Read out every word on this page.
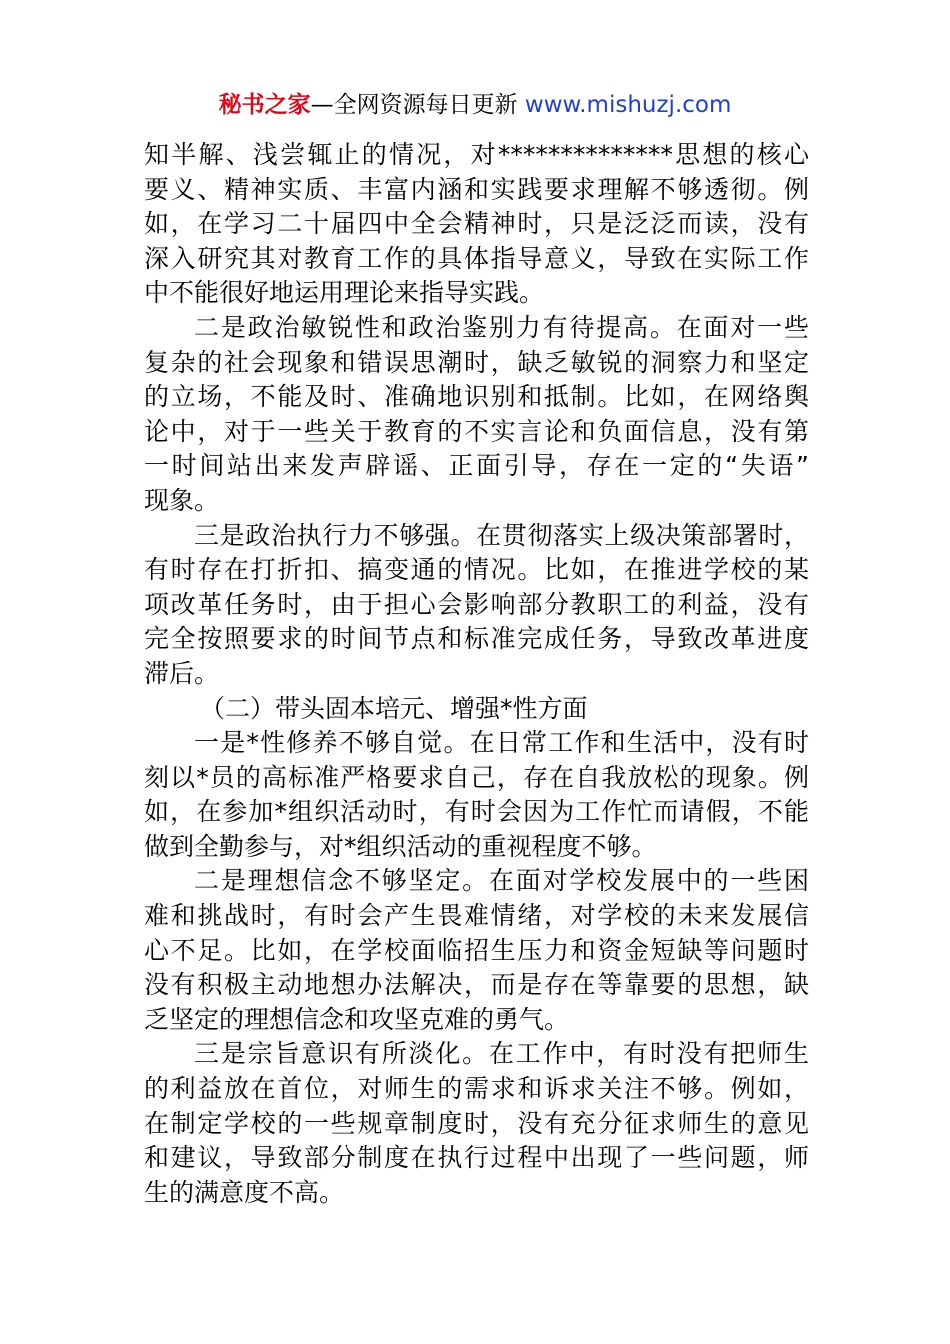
秘书之家—全网资源每日更新 www.mishuzj.com
知半解、浅尝辄止的情况，对**************思想的核心
要义、精神实质、丰富内涵和实践要求理解不够透彻。例
如，在学习二十届四中全会精神时，只是泛泛而读，没有
深入研究其对教育工作的具体指导意义，导致在实际工作
中不能很好地运用理论来指导实践。
二是政治敏锐性和政治鉴别力有待提高。在面对一些
复杂的社会现象和错误思潮时，缺乏敏锐的洞察力和坚定
的立场，不能及时、准确地识别和抵制。比如，在网络舆
论中，对于一些关于教育的不实言论和负面信息，没有第
一时间站出来发声辟谣、正面引导，存在一定的“失语”
现象。
三是政治执行力不够强。在贯彻落实上级决策部署时，
有时存在打折扣、搞变通的情况。比如，在推进学校的某
项改革任务时，由于担心会影响部分教职工的利益，没有
完全按照要求的时间节点和标准完成任务，导致改革进度
滞后。
（二）带头固本培元、增强*性方面
一是*性修养不够自觉。在日常工作和生活中，没有时
刻以*员的高标准严格要求自己，存在自我放松的现象。例
如，在参加*组织活动时，有时会因为工作忙而请假，不能
做到全勤参与，对*组织活动的重视程度不够。
二是理想信念不够坚定。在面对学校发展中的一些困
难和挑战时，有时会产生畏难情绪，对学校的未来发展信
心不足。比如，在学校面临招生压力和资金短缺等问题时
没有积极主动地想办法解决，而是存在等靠要的思想，缺
乏坚定的理想信念和攻坚克难的勇气。
三是宗旨意识有所淡化。在工作中，有时没有把师生
的利益放在首位，对师生的需求和诉求关注不够。例如，
在制定学校的一些规章制度时，没有充分征求师生的意见
和建议，导致部分制度在执行过程中出现了一些问题，师
生的满意度不高。
